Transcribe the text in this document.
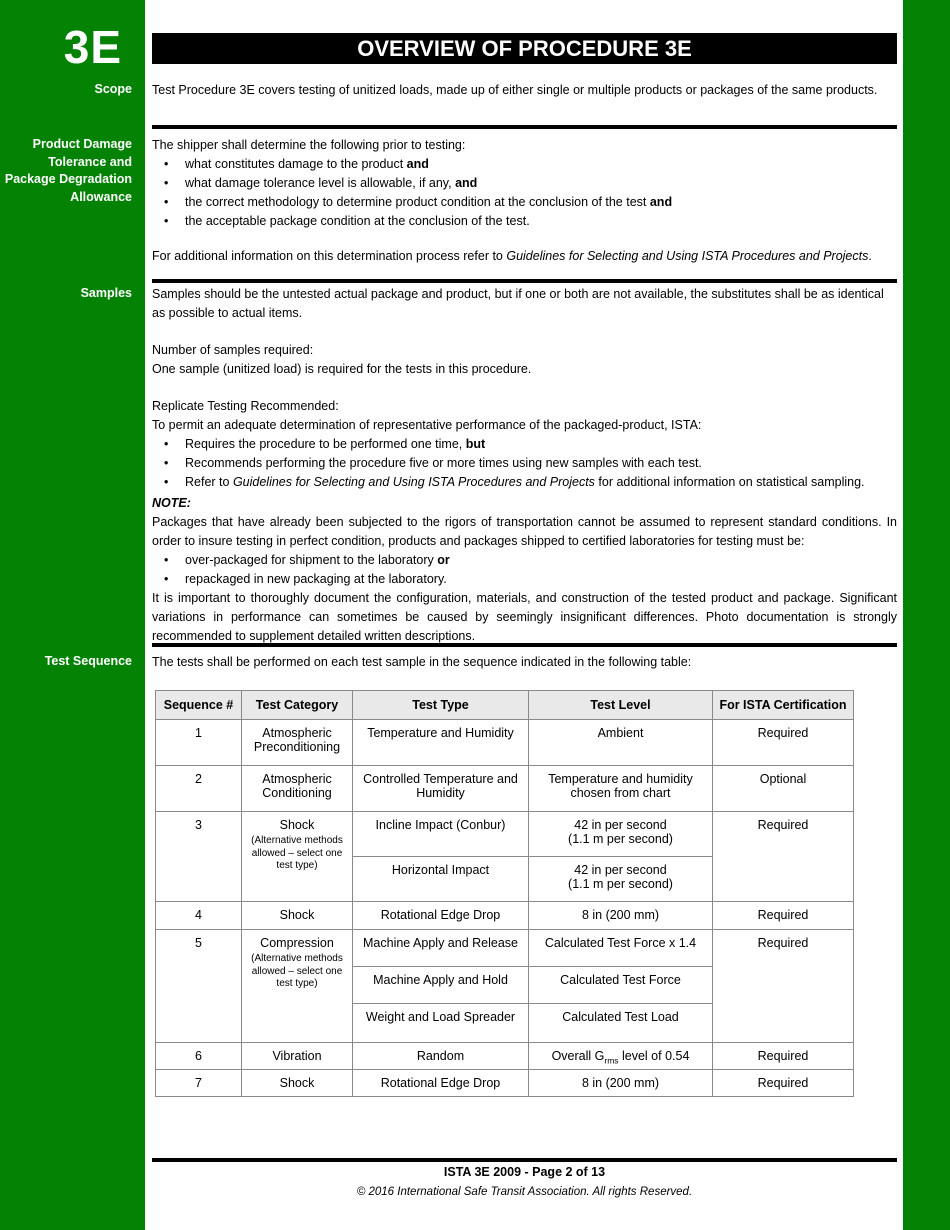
3E
Scope
Product Damage Tolerance and Package Degradation Allowance
Samples
Test Sequence
OVERVIEW OF PROCEDURE 3E
Test Procedure 3E covers testing of unitized loads, made up of either single or multiple products or packages of the same products.
The shipper shall determine the following prior to testing:
• what constitutes damage to the product and
• what damage tolerance level is allowable, if any, and
• the correct methodology to determine product condition at the conclusion of the test and
• the acceptable package condition at the conclusion of the test.
For additional information on this determination process refer to Guidelines for Selecting and Using ISTA Procedures and Projects.
Samples should be the untested actual package and product, but if one or both are not available, the substitutes shall be as identical as possible to actual items.
Number of samples required:
One sample (unitized load) is required for the tests in this procedure.
Replicate Testing Recommended:
To permit an adequate determination of representative performance of the packaged-product, ISTA:
• Requires the procedure to be performed one time, but
• Recommends performing the procedure five or more times using new samples with each test.
• Refer to Guidelines for Selecting and Using ISTA Procedures and Projects for additional information on statistical sampling.
NOTE:
Packages that have already been subjected to the rigors of transportation cannot be assumed to represent standard conditions. In order to insure testing in perfect condition, products and packages shipped to certified laboratories for testing must be:
• over-packaged for shipment to the laboratory or
• repackaged in new packaging at the laboratory.
It is important to thoroughly document the configuration, materials, and construction of the tested product and package. Significant variations in performance can sometimes be caused by seemingly insignificant differences. Photo documentation is strongly recommended to supplement detailed written descriptions.
The tests shall be performed on each test sample in the sequence indicated in the following table:
Sequence #	Test Category	Test Type	Test Level	For ISTA Certification
1	Atmospheric Preconditioning	Temperature and Humidity	Ambient	Required
2	Atmospheric Conditioning	Controlled Temperature and Humidity	Temperature and humidity chosen from chart	Optional
3	Shock
(Alternative methods allowed – select one test type)	Incline Impact (Conbur)	42 in per second
(1.1 m per second)	Required
		Horizontal Impact	42 in per second
(1.1 m per second)	
4	Shock	Rotational Edge Drop	8 in (200 mm)	Required
5	Compression
(Alternative methods allowed – select one test type)	Machine Apply and Release	Calculated Test Force x 1.4	Required
		Machine Apply and Hold	Calculated Test Force	
		Weight and Load Spreader	Calculated Test Load	
6	Vibration	Random	Overall $G_{rms}$ level of 0.54	Required
7	Shock	Rotational Edge Drop	8 in (200 mm)	Required
ISTA 3E 2009 - Page 2 of 13
© 2016 International Safe Transit Association. All rights Reserved.
